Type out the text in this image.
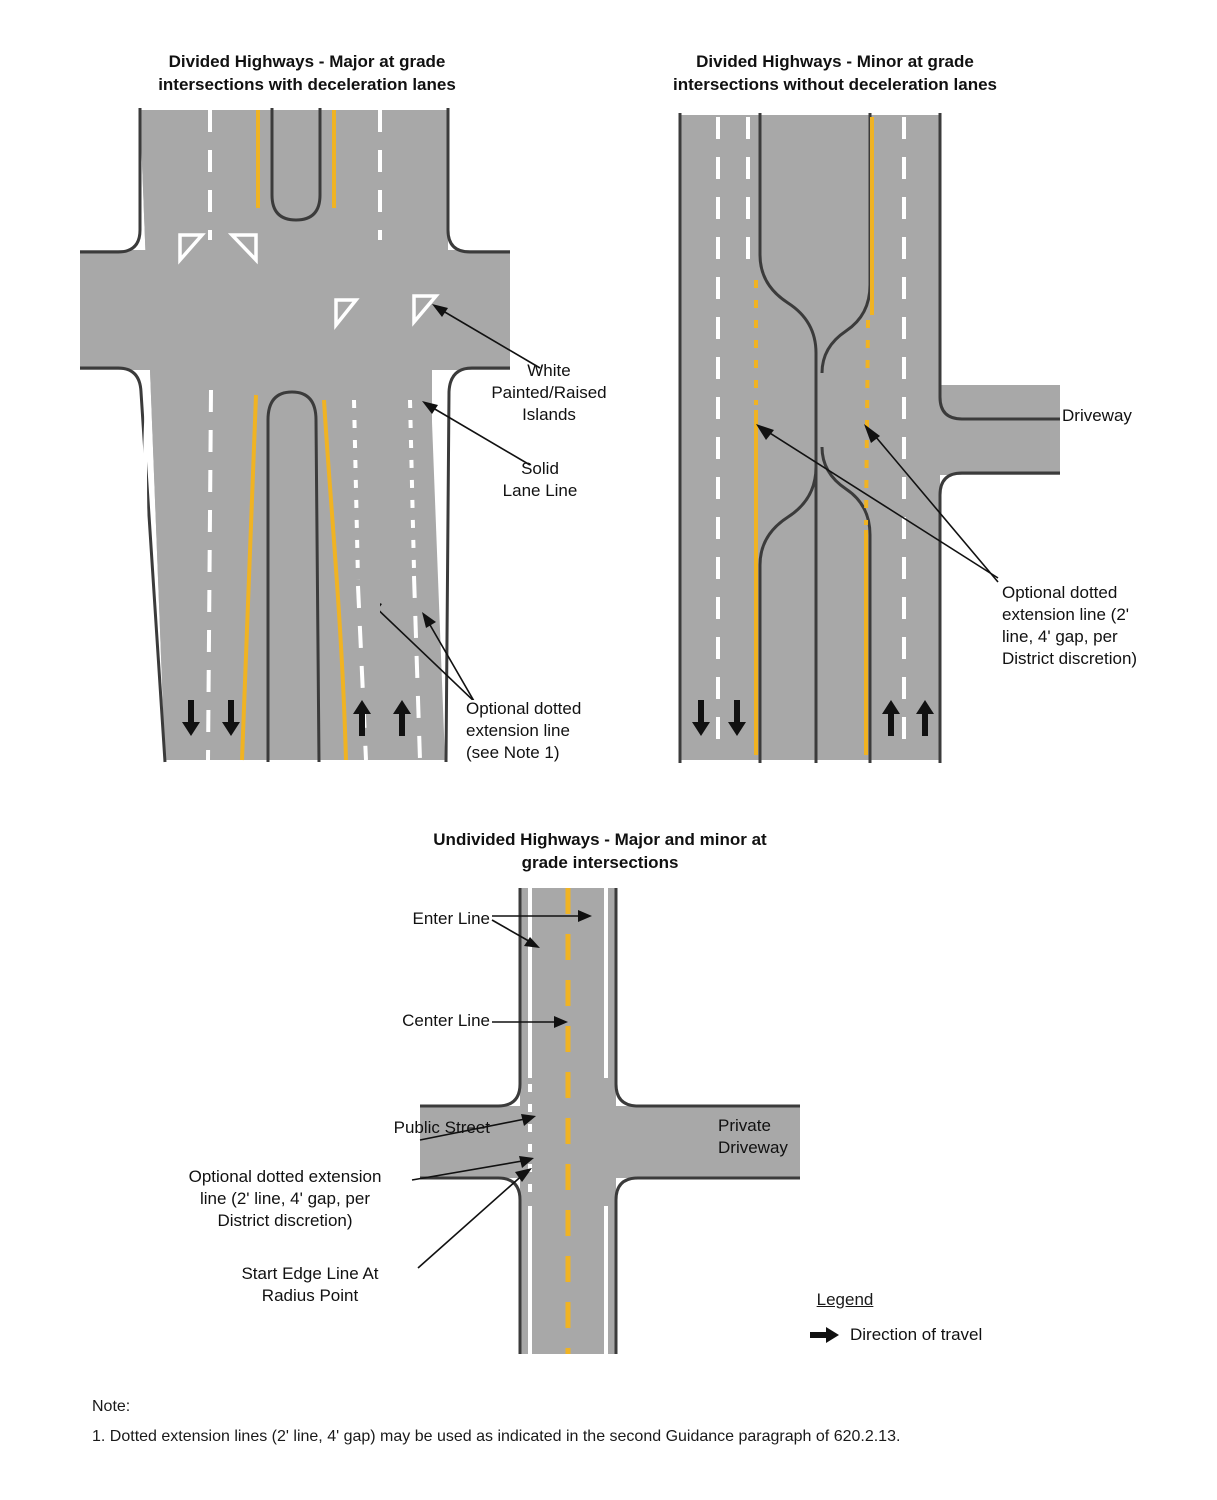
Divided Highways - Major at grade
intersections with deceleration lanes
White
Painted/Raised
Islands
Solid
Lane Line
Optional dotted
extension line
(see Note 1)
Divided Highways - Minor at grade
intersections without deceleration lanes
Driveway
Optional dotted
extension line (2'
line, 4' gap, per
District discretion)
Undivided Highways - Major and minor at
grade intersections
Enter Line
Center Line
Public Street
Optional dotted extension
line (2' line, 4' gap, per
District discretion)
Start Edge Line At
Radius Point
Private
Driveway
Legend
Direction of travel
Note:
1. Dotted extension lines (2' line, 4' gap) may be used as indicated in the second Guidance paragraph of 620.2.13.
